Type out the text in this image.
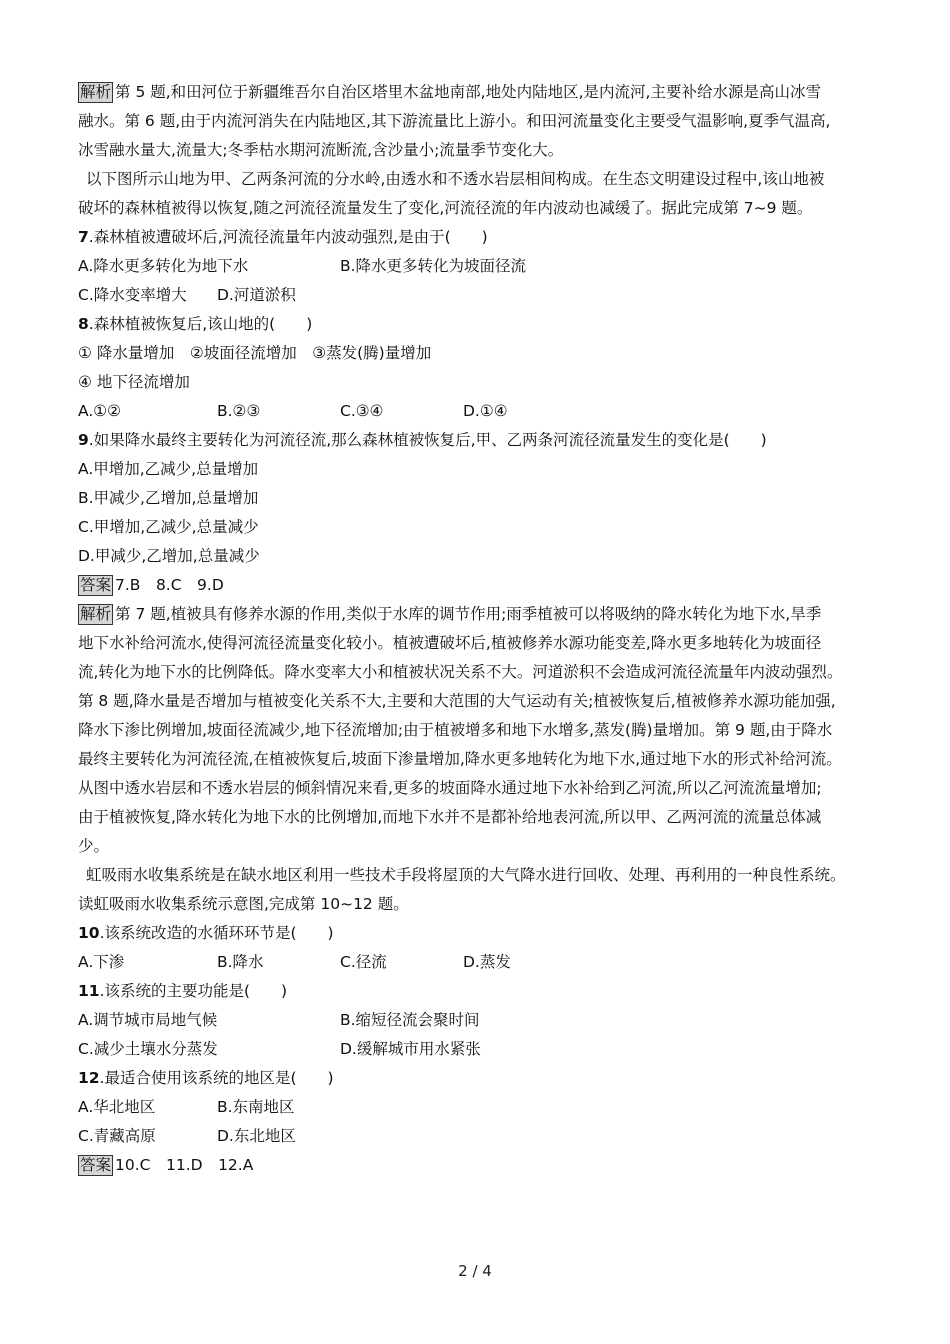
解析 第 5 题,和田河位于新疆维吾尔自治区塔里木盆地南部,地处内陆地区,是内流河,主要补给水源是高山冰雪
融水。第 6 题,由于内流河消失在内陆地区,其下游流量比上游小。和田河流量变化主要受气温影响,夏季气温高,
冰雪融水量大,流量大;冬季枯水期河流断流,含沙量小;流量季节变化大。
以下图所示山地为甲、乙两条河流的分水岭,由透水和不透水岩层相间构成。在生态文明建设过程中,该山地被
破坏的森林植被得以恢复,随之河流径流量发生了变化,河流径流的年内波动也减缓了。据此完成第 7~9 题。
7.森林植被遭破坏后,河流径流量年内波动强烈,是由于(　　)
A.降水更多转化为地下水	B.降水更多转化为坡面径流
C.降水变率增大	D.河道淤积
8.森林植被恢复后,该山地的(　　)
① 降水量增加　②坡面径流增加　③蒸发(腾)量增加
④ 地下径流增加
A.①②	B.②③	C.③④	D.①④
9.如果降水最终主要转化为河流径流,那么森林植被恢复后,甲、乙两条河流径流量发生的变化是(　　)
A.甲增加,乙减少,总量增加
B.甲减少,乙增加,总量增加
C.甲增加,乙减少,总量减少
D.甲减少,乙增加,总量减少
答案 7.B　8.C　9.D
解析 第 7 题,植被具有修养水源的作用,类似于水库的调节作用;雨季植被可以将吸纳的降水转化为地下水,旱季
地下水补给河流水,使得河流径流量变化较小。植被遭破坏后,植被修养水源功能变差,降水更多地转化为坡面径
流,转化为地下水的比例降低。降水变率大小和植被状况关系不大。河道淤积不会造成河流径流量年内波动强烈。
第 8 题,降水量是否增加与植被变化关系不大,主要和大范围的大气运动有关;植被恢复后,植被修养水源功能加强,
降水下渗比例增加,坡面径流减少,地下径流增加;由于植被增多和地下水增多,蒸发(腾)量增加。第 9 题,由于降水
最终主要转化为河流径流,在植被恢复后,坡面下渗量增加,降水更多地转化为地下水,通过地下水的形式补给河流。
从图中透水岩层和不透水岩层的倾斜情况来看,更多的坡面降水通过地下水补给到乙河流,所以乙河流流量增加;
由于植被恢复,降水转化为地下水的比例增加,而地下水并不是都补给地表河流,所以甲、乙两河流的流量总体减
少。
虹吸雨水收集系统是在缺水地区利用一些技术手段将屋顶的大气降水进行回收、处理、再利用的一种良性系统。
读虹吸雨水收集系统示意图,完成第 10~12 题。
10.该系统改造的水循环环节是(　　)
A.下渗	B.降水	C.径流	D.蒸发
11.该系统的主要功能是(　　)
A.调节城市局地气候	B.缩短径流会聚时间
C.减少土壤水分蒸发	D.缓解城市用水紧张
12.最适合使用该系统的地区是(　　)
A.华北地区	B.东南地区
C.青藏高原	D.东北地区
答案 10.C　11.D　12.A
2 / 4
